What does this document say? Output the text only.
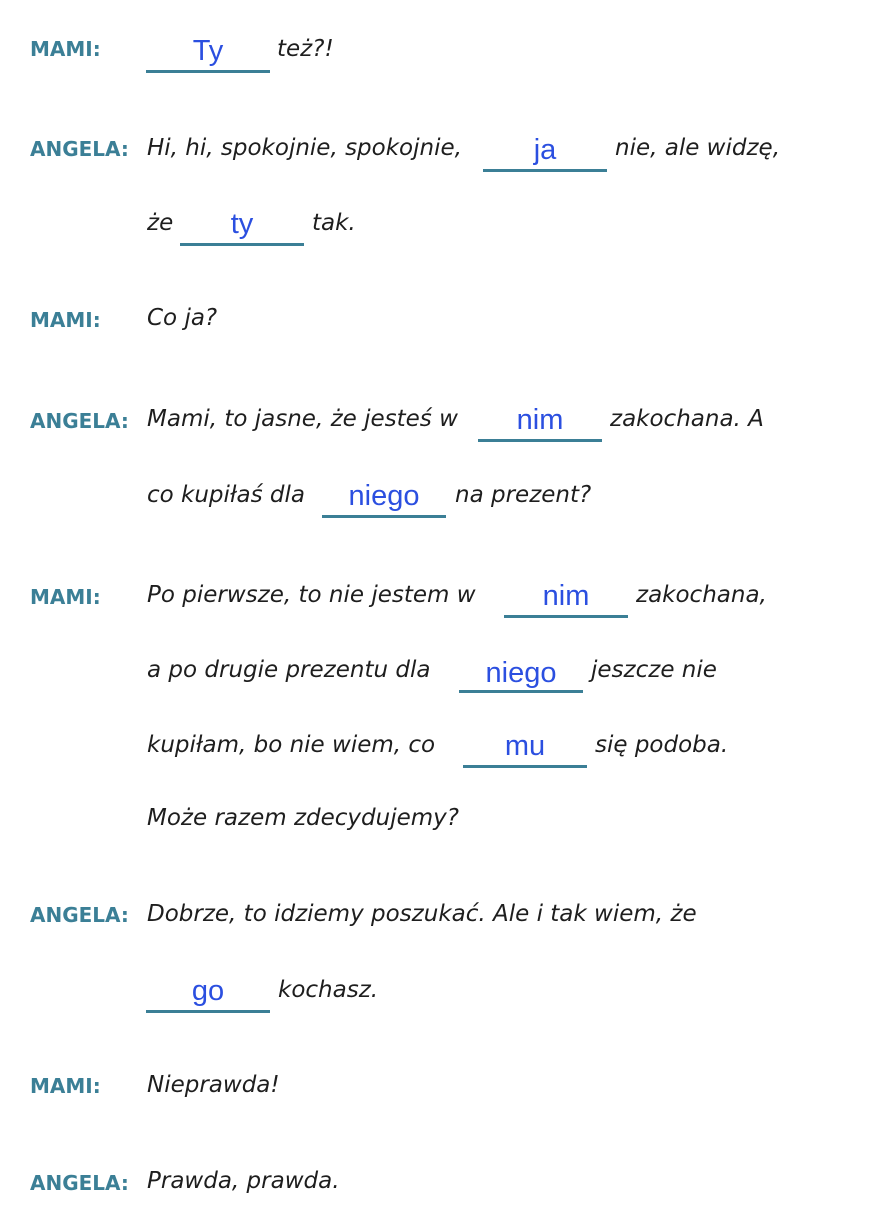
MAMI:	Ty	też?!
ANGELA: Hi, hi, spokojnie, spokojnie,	ja	nie, ale widzę,
że	ty	tak.
MAMI: Co ja?
ANGELA: Mami, to jasne, że jesteś w	nim	zakochana. A
co kupiłaś dla	niego	na prezent?
MAMI: Po pierwsze, to nie jestem w	nim	zakochana,
a po drugie prezentu dla	niego	jeszcze nie
kupiłam, bo nie wiem, co	mu	się podoba.
Może razem zdecydujemy?
ANGELA: Dobrze, to idziemy poszukać. Ale i tak wiem, że
go	kochasz.
MAMI: Nieprawda!
ANGELA: Prawda, prawda.
